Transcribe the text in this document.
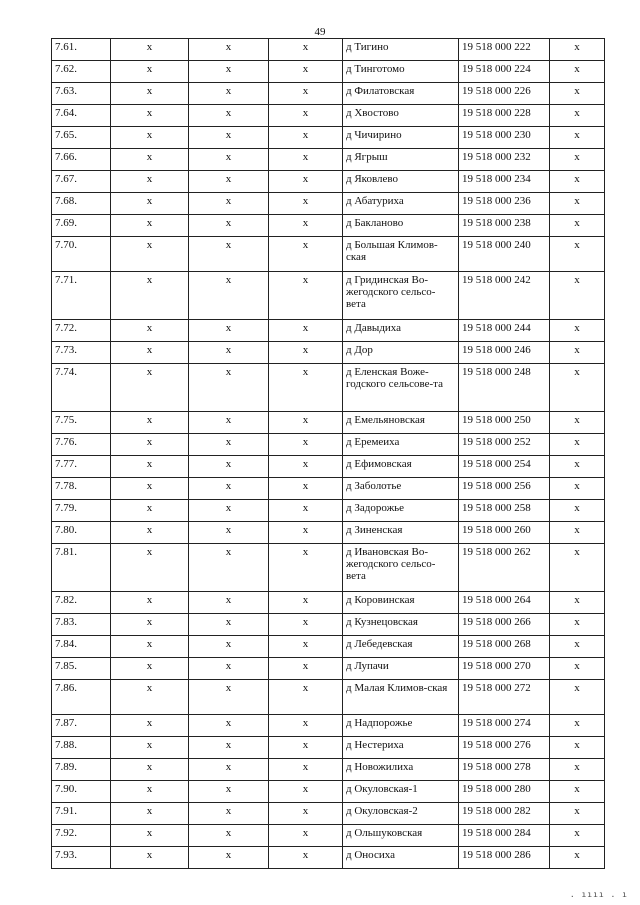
49
7.61.	x	x	x	д Тигино	19 518 000 222	x
7.62.	x	x	x	д Тинготомо	19 518 000 224	x
7.63.	x	x	x	д Филатовская	19 518 000 226	x
7.64.	x	x	x	д Хвостово	19 518 000 228	x
7.65.	x	x	x	д Чичирино	19 518 000 230	x
7.66.	x	x	x	д Ягрыш	19 518 000 232	x
7.67.	x	x	x	д Яковлево	19 518 000 234	x
7.68.	x	x	x	д Абатуриха	19 518 000 236	x
7.69.	x	x	x	д Бакланово	19 518 000 238	x
7.70.	x	x	x	д Большая Климов-ская	19 518 000 240	x
7.71.	x	x	x	д Гридинская Во-жегодского сельсо-вета	19 518 000 242	x
7.72.	x	x	x	д Давыдиха	19 518 000 244	x
7.73.	x	x	x	д Дор	19 518 000 246	x
7.74.	x	x	x	д Еленская Воже-годского сельсове-та	19 518 000 248	x
7.75.	x	x	x	д Емельяновская	19 518 000 250	x
7.76.	x	x	x	д Еремеиха	19 518 000 252	x
7.77.	x	x	x	д Ефимовская	19 518 000 254	x
7.78.	x	x	x	д Заболотье	19 518 000 256	x
7.79.	x	x	x	д Задорожье	19 518 000 258	x
7.80.	x	x	x	д Зиненская	19 518 000 260	x
7.81.	x	x	x	д Ивановская Во-жегодского сельсо-вета	19 518 000 262	x
7.82.	x	x	x	д Коровинская	19 518 000 264	x
7.83.	x	x	x	д Кузнецовская	19 518 000 266	x
7.84.	x	x	x	д Лебедевская	19 518 000 268	x
7.85.	x	x	x	д Лупачи	19 518 000 270	x
7.86.	x	x	x	д Малая Климов-ская	19 518 000 272	x
7.87.	x	x	x	д Надпорожье	19 518 000 274	x
7.88.	x	x	x	д Нестериха	19 518 000 276	x
7.89.	x	x	x	д Новожилиха	19 518 000 278	x
7.90.	x	x	x	д Окуловская-1	19 518 000 280	x
7.91.	x	x	x	д Окуловская-2	19 518 000 282	x
7.92.	x	x	x	д Ольшуковская	19 518 000 284	x
7.93.	x	x	x	д Оносиха	19 518 000 286	x
. ıııı . ı
